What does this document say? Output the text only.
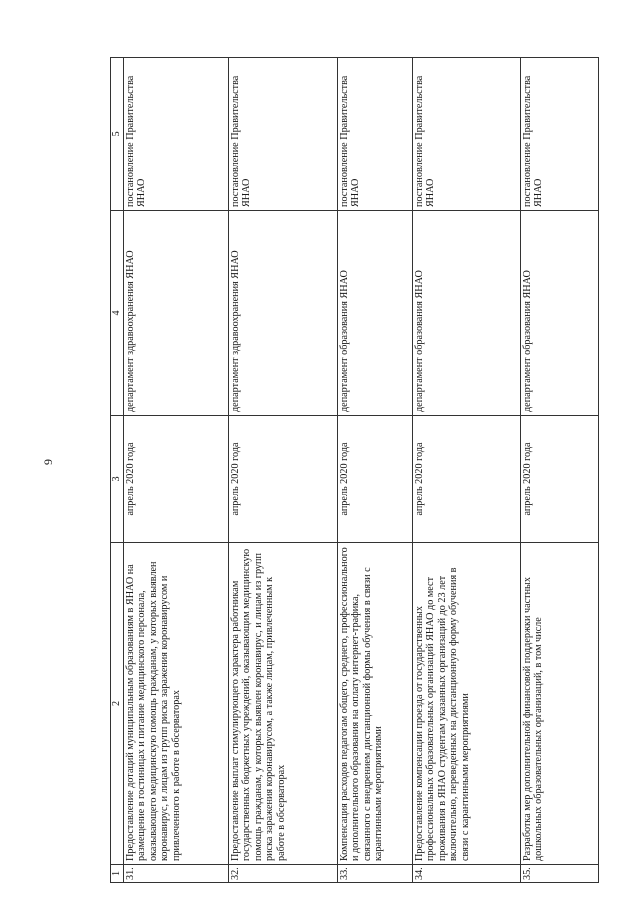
9
1	2	3	4	5
31.	Предоставление дотаций муниципальным образованиям в ЯНАО на размещение в гостиницах и питание медицинского персонала, оказывающего медицинскую помощь гражданам, у которых выявлен коронавирус, и лицам из групп риска заражения коронавирусом и привлеченного к работе в обсерваторах	апрель 2020 года	департамент здравоохранения ЯНАО	постановление Правительства ЯНАО
32.	Предоставление выплат стимулирующего характера работникам государственных бюджетных учреждений, оказывающим медицинскую помощь гражданам, у которых выявлен коронавирус, и лицам из групп риска заражения коронавирусом, а также лицам, привлеченным к работе в обсерваторах	апрель 2020 года	департамент здравоохранения ЯНАО	постановление Правительства ЯНАО
33.	Компенсация расходов педагогам общего, среднего, профессионального и дополнительного образования на оплату интернет-трафика, связанного с внедрением дистанционной формы обучения в связи с карантинными мероприятиями	апрель 2020 года	департамент образования ЯНАО	постановление Правительства ЯНАО
34.	Предоставление компенсации проезда от государственных профессиональных образовательных организаций ЯНАО до мест проживания в ЯНАО студентам указанных организаций до 23 лет включительно, переведенных на дистанционную форму обучения в связи с карантинными мероприятиями	апрель 2020 года	департамент образования ЯНАО	постановление Правительства ЯНАО
35.	Разработка мер дополнительной финансовой поддержки частных дошкольных образовательных организаций, в том числе	апрель 2020 года	департамент образования ЯНАО	постановление Правительства ЯНАО
